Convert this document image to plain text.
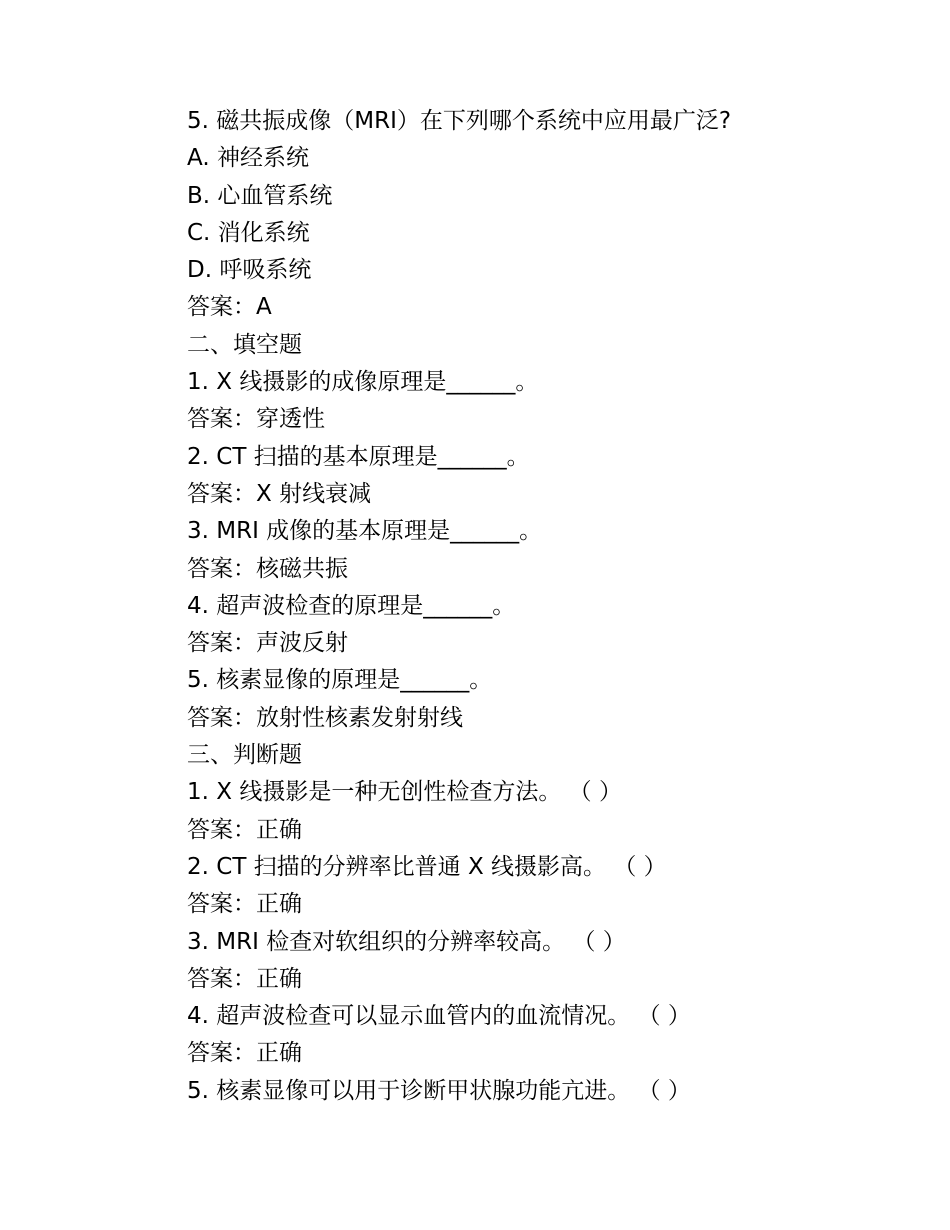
5. 磁共振成像（MRI）在下列哪个系统中应用最广泛?
A. 神经系统
B. 心血管系统
C. 消化系统
D. 呼吸系统
答案：A
二、填空题
1. X 线摄影的成像原理是______。
答案：穿透性
2. CT 扫描的基本原理是______。
答案：X 射线衰减
3. MRI 成像的基本原理是______。
答案：核磁共振
4. 超声波检查的原理是______。
答案：声波反射
5. 核素显像的原理是______。
答案：放射性核素发射射线
三、判断题
1. X 线摄影是一种无创性检查方法。 （ ）
答案：正确
2. CT 扫描的分辨率比普通 X 线摄影高。 （ ）
答案：正确
3. MRI 检查对软组织的分辨率较高。 （ ）
答案：正确
4. 超声波检查可以显示血管内的血流情况。 （ ）
答案：正确
5. 核素显像可以用于诊断甲状腺功能亢进。 （ ）
